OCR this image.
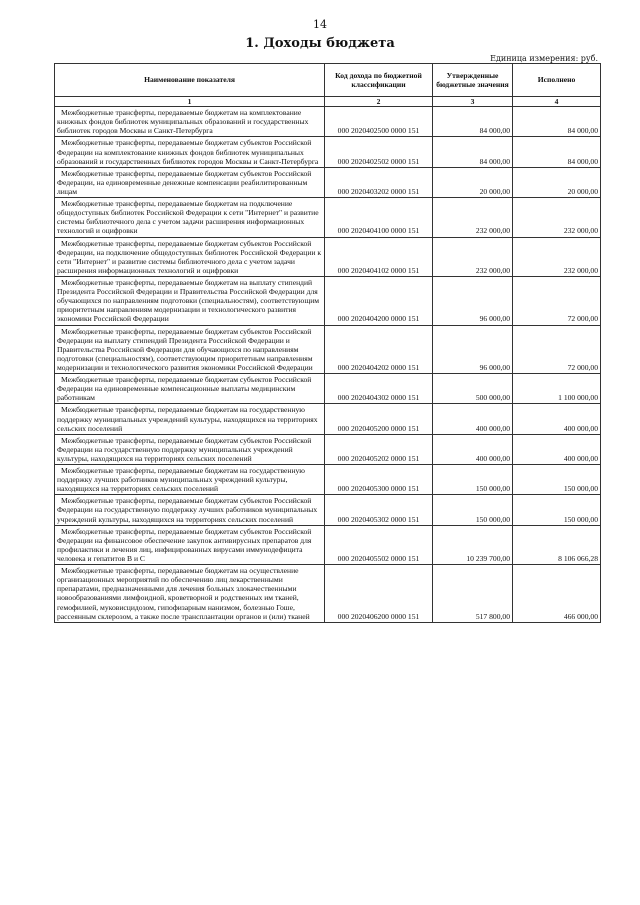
14
1. Доходы бюджета
Единица измерения: руб.
Наименование показателя	Код дохода по бюджетной классификации	Утвержденные бюджетные значения	Исполнено
1	2	3	4
Межбюджетные трансферты, передаваемые бюджетам на комплектование книжных фондов библиотек муниципальных образований и государственных библиотек городов Москвы и Санкт-Петербурга	000 2020402500 0000 151	84 000,00	84 000,00
Межбюджетные трансферты, передаваемые бюджетам субъектов Российской Федерации на комплектование книжных фондов библиотек муниципальных образований и государственных библиотек городов Москвы и Санкт-Петербурга	000 2020402502 0000 151	84 000,00	84 000,00
Межбюджетные трансферты, передаваемые бюджетам субъектов Российской Федерации, на единовременные денежные компенсации реабилитированным лицам	000 2020403202 0000 151	20 000,00	20 000,00
Межбюджетные трансферты, передаваемые бюджетам на подключение общедоступных библиотек Российской Федерации к сети "Интернет" и развитие системы библиотечного дела с учетом задачи расширения информационных технологий и оцифровки	000 2020404100 0000 151	232 000,00	232 000,00
Межбюджетные трансферты, передаваемые бюджетам субъектов Российской Федерации, на подключение общедоступных библиотек Российской Федерации к сети "Интернет" и развитие системы библиотечного дела с учетом задачи расширения информационных технологий и оцифровки	000 2020404102 0000 151	232 000,00	232 000,00
Межбюджетные трансферты, передаваемые бюджетам на выплату стипендий Президента Российской Федерации и Правительства Российской Федерации для обучающихся по направлениям подготовки (специальностям), соответствующим приоритетным направлениям модернизации и технологического развития экономики Российской Федерации	000 2020404200 0000 151	96 000,00	72 000,00
Межбюджетные трансферты, передаваемые бюджетам субъектов Российской Федерации на выплату стипендий Президента Российской Федерации и Правительства Российской Федерации для обучающихся по направлениям подготовки (специальностям), соответствующим приоритетным направлениям модернизации и технологического развития экономики Российской Федерации	000 2020404202 0000 151	96 000,00	72 000,00
Межбюджетные трансферты, передаваемые бюджетам субъектов Российской Федерации на единовременные компенсационные выплаты медицинским работникам	000 2020404302 0000 151	500 000,00	1 100 000,00
Межбюджетные трансферты, передаваемые бюджетам на государственную поддержку муниципальных учреждений культуры, находящихся на территориях сельских поселений	000 2020405200 0000 151	400 000,00	400 000,00
Межбюджетные трансферты, передаваемые бюджетам субъектов Российской Федерации на государственную поддержку муниципальных учреждений культуры, находящихся на территориях сельских поселений	000 2020405202 0000 151	400 000,00	400 000,00
Межбюджетные трансферты, передаваемые бюджетам на государственную поддержку лучших работников муниципальных учреждений культуры, находящихся на территориях сельских поселений	000 2020405300 0000 151	150 000,00	150 000,00
Межбюджетные трансферты, передаваемые бюджетам субъектов Российской Федерации на государственную поддержку лучших работников муниципальных учреждений культуры, находящихся на территориях сельских поселений	000 2020405302 0000 151	150 000,00	150 000,00
Межбюджетные трансферты, передаваемые бюджетам субъектов Российской Федерации на финансовое обеспечение закупок антивирусных препаратов для профилактики и лечения лиц, инфицированных вирусами иммунодефицита человека и гепатитов B и C	000 2020405502 0000 151	10 239 700,00	8 106 066,28
Межбюджетные трансферты, передаваемые бюджетам на осуществление организационных мероприятий по обеспечению лиц лекарственными препаратами, предназначенными для лечения больных злокачественными новообразованиями лимфоидной, кроветворной и родственных им тканей, гемофилией, муковисцидозом, гипофизарным нанизмом, болезнью Гоше, рассеянным склерозом, а также после трансплантации органов и (или) тканей	000 2020406200 0000 151	517 800,00	466 000,00
